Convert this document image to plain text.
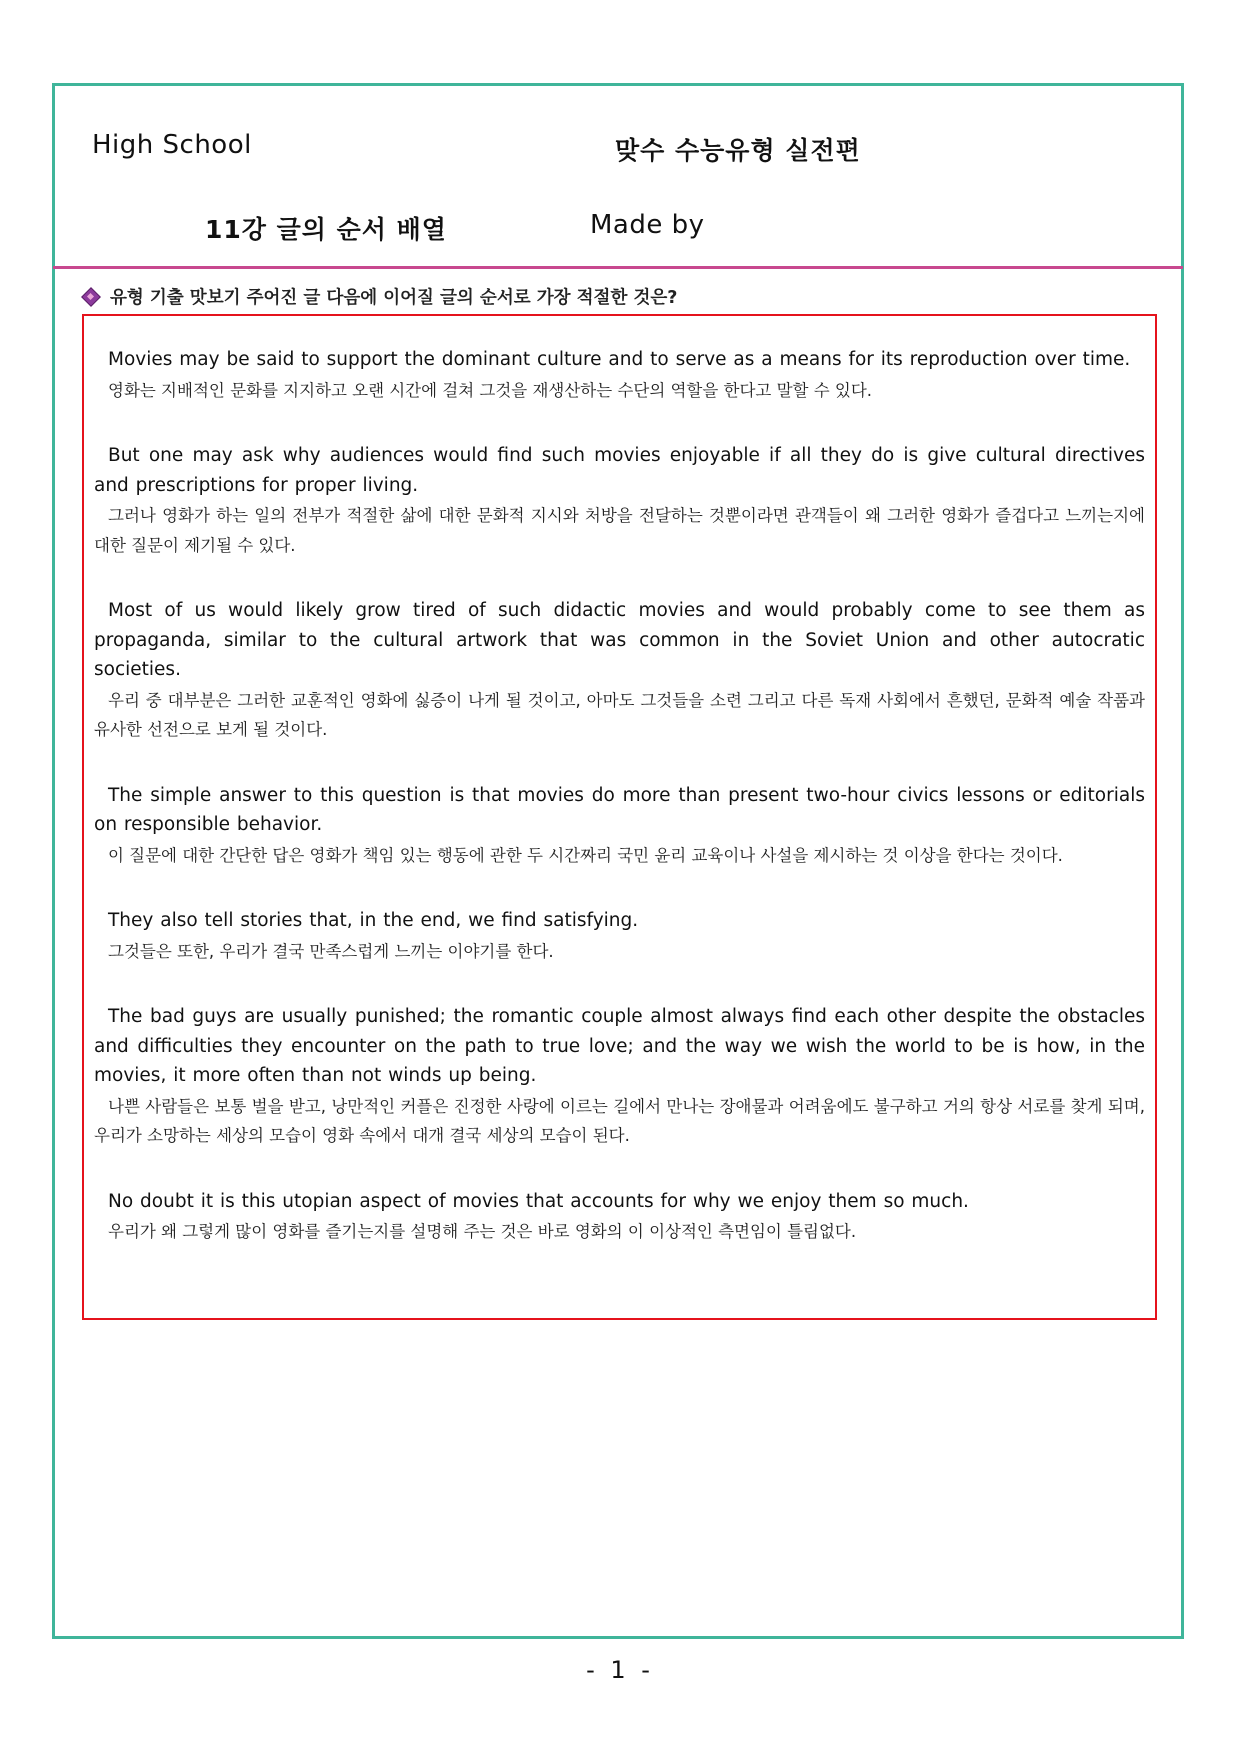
High School	맞수 수능유형 실전편
11강 글의 순서 배열	Made by
유형 기출 맛보기 주어진 글 다음에 이어질 글의 순서로 가장 적절한 것은?

Movies may be said to support the dominant culture and to serve as a means for its reproduction over time.

영화는 지배적인 문화를 지지하고 오랜 시간에 걸쳐 그것을 재생산하는 수단의 역할을 한다고 말할 수 있다.

But one may ask why audiences would find such movies enjoyable if all they do is give cultural directives and prescriptions for proper living.

그러나 영화가 하는 일의 전부가 적절한 삶에 대한 문화적 지시와 처방을 전달하는 것뿐이라면 관객들이 왜 그러한 영화가 즐겁다고 느끼는지에 대한 질문이 제기될 수 있다.

Most of us would likely grow tired of such didactic movies and would probably come to see them as propaganda, similar to the cultural artwork that was common in the Soviet Union and other autocratic societies.

우리 중 대부분은 그러한 교훈적인 영화에 싫증이 나게 될 것이고, 아마도 그것들을 소련 그리고 다른 독재 사회에서 흔했던, 문화적 예술 작품과 유사한 선전으로 보게 될 것이다.

The simple answer to this question is that movies do more than present two-hour civics lessons or editorials on responsible behavior.

이 질문에 대한 간단한 답은 영화가 책임 있는 행동에 관한 두 시간짜리 국민 윤리 교육이나 사설을 제시하는 것 이상을 한다는 것이다.

They also tell stories that, in the end, we find satisfying.

그것들은 또한, 우리가 결국 만족스럽게 느끼는 이야기를 한다.

The bad guys are usually punished; the romantic couple almost always find each other despite the obstacles and difficulties they encounter on the path to true love; and the way we wish the world to be is how, in the movies, it more often than not winds up being.

나쁜 사람들은 보통 벌을 받고, 낭만적인 커플은 진정한 사랑에 이르는 길에서 만나는 장애물과 어려움에도 불구하고 거의 항상 서로를 찾게 되며, 우리가 소망하는 세상의 모습이 영화 속에서 대개 결국 세상의 모습이 된다.

No doubt it is this utopian aspect of movies that accounts for why we enjoy them so much.

우리가 왜 그렇게 많이 영화를 즐기는지를 설명해 주는 것은 바로 영화의 이 이상적인 측면임이 틀림없다.

- 1 -
